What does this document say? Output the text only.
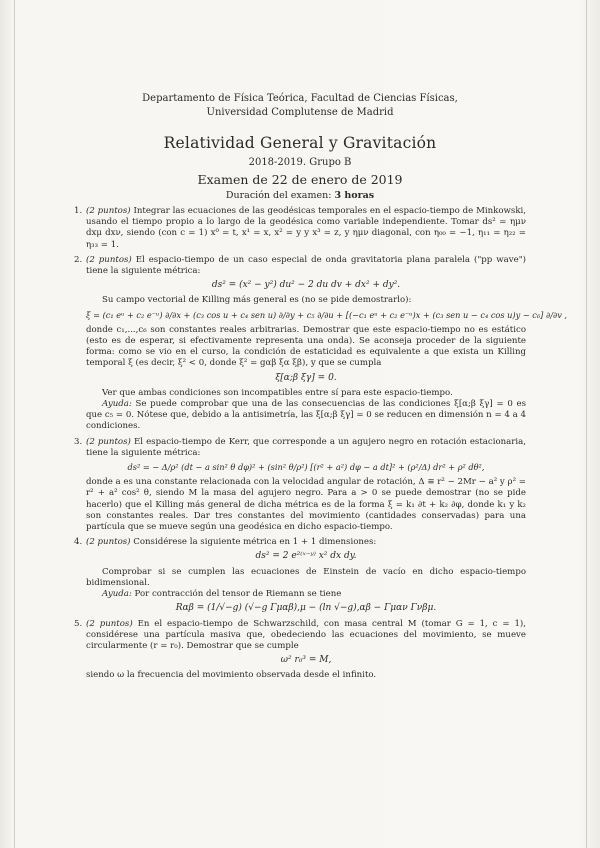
Departamento de Física Teórica, Facultad de Ciencias Físicas,
Universidad Complutense de Madrid
Relatividad General y Gravitación
2018-2019. Grupo B
Examen de 22 de enero de 2019
Duración del examen: 3 horas
1. (2 puntos) Integrar las ecuaciones de las geodésicas temporales en el espacio-tiempo de Minkowski, usando el tiempo propio a lo largo de la geodésica como variable independiente. Tomar ds² = ημν dxμ dxν, siendo (con c = 1) x⁰ = t, x¹ = x, x² = y y x³ = z, y ημν diagonal, con η₀₀ = −1, η₁₁ = η₂₂ = η₃₃ = 1.

2. (2 puntos) El espacio-tiempo de un caso especial de onda gravitatoria plana paralela ("pp wave") tiene la siguiente métrica:

ds² = (x² − y²) du² − 2 du dv + dx² + dy².

Su campo vectorial de Killing más general es (no se pide demostrarlo):

ξ = (c₁ eᵘ + c₂ e⁻ᵘ) ∂/∂x + (c₃ cos u + c₄ sen u) ∂/∂y + c₅ ∂/∂u + [(−c₁ eᵘ + c₂ e⁻ᵘ)x + (c₃ sen u − c₄ cos u)y − c₆] ∂/∂v ,

donde c₁,...,c₆ son constantes reales arbitrarias. Demostrar que este espacio-tiempo no es estático (esto es de esperar, si efectivamente representa una onda). Se aconseja proceder de la siguiente forma: como se vio en el curso, la condición de estaticidad es equivalente a que exista un Killing temporal ξ (es decir, ξ² < 0, donde ξ² = gαβ ξα ξβ), y que se cumpla

ξ[α;β ξγ] = 0.

Ver que ambas condiciones son incompatibles entre sí para este espacio-tiempo.

Ayuda: Se puede comprobar que una de las consecuencias de las condiciones ξ[α;β ξγ] = 0 es que c₅ = 0. Nótese que, debido a la antisimetría, las ξ[α;β ξγ] = 0 se reducen en dimensión n = 4 a 4 condiciones.

3. (2 puntos) El espacio-tiempo de Kerr, que corresponde a un agujero negro en rotación estacionaria, tiene la siguiente métrica:

ds² = − Δ/ρ² (dt − a sin² θ dφ)² + (sin² θ/ρ²) [(r² + a²) dφ − a dt]² + (ρ²/Δ) dr² + ρ² dθ²,

donde a es una constante relacionada con la velocidad angular de rotación, Δ ≡ r² − 2Mr − a² y ρ² = r² + a² cos² θ, siendo M la masa del agujero negro. Para a > 0 se puede demostrar (no se pide hacerlo) que el Killing más general de dicha métrica es de la forma ξ = k₁ ∂t + k₂ ∂φ, donde k₁ y k₂ son constantes reales. Dar tres constantes del movimiento (cantidades conservadas) para una partícula que se mueve según una geodésica en dicho espacio-tiempo.

4. (2 puntos) Considérese la siguiente métrica en 1 + 1 dimensiones:

ds² = 2 e²⁽ˣ⁻ʸ⁾ x² dx dy.

Comprobar si se cumplen las ecuaciones de Einstein de vacío en dicho espacio-tiempo bidimensional.

Ayuda: Por contracción del tensor de Riemann se tiene

Rαβ = (1/√−g) (√−g Γμαβ),μ − (ln √−g),αβ − Γμαν Γνβμ.
5. (2 puntos) En el espacio-tiempo de Schwarzschild, con masa central M (tomar G = 1, c = 1), considérese una partícula masiva que, obedeciendo las ecuaciones del movimiento, se mueve circularmente (r = r₀). Demostrar que se cumple

ω² r₀³ = M,

siendo ω la frecuencia del movimiento observada desde el infinito.
